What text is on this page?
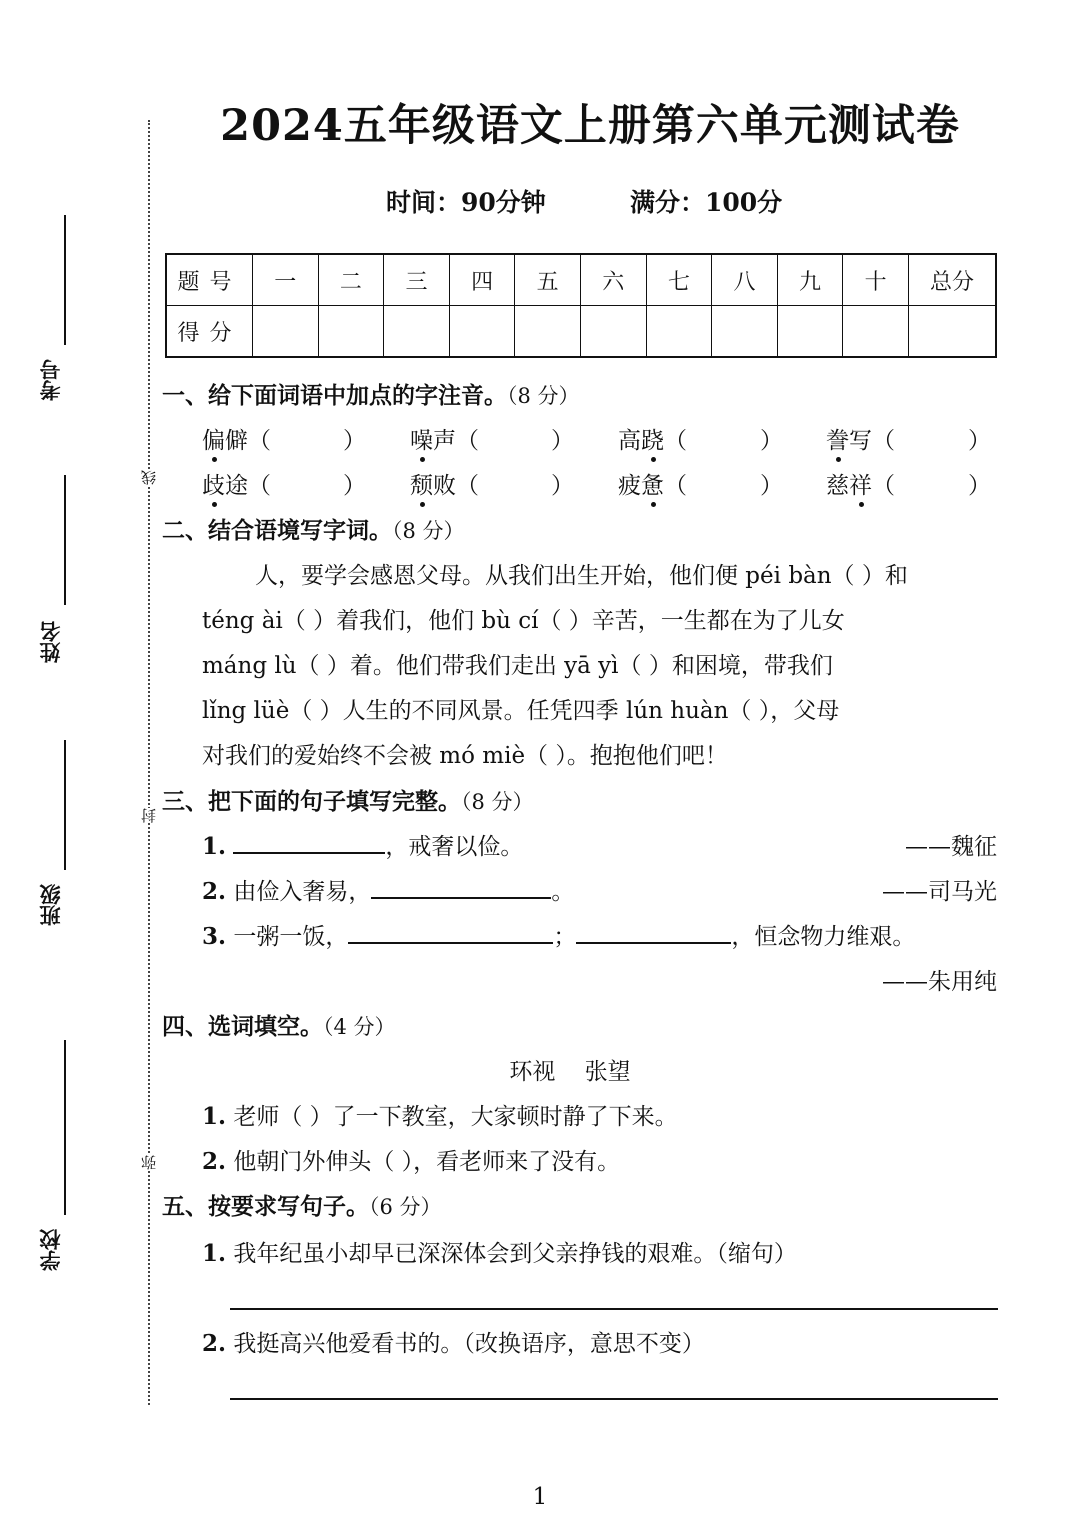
考号
姓名
班级
学校
线
封
弥
2024五年级语文上册第六单元测试卷
时间：90分钟	满分：100分
题号	一	二	三	四	五	六	七	八	九	十	总分
得分											
一、给下面词语中加点的字注音。（8 分）
偏僻（	） 噪声（	） 高跷（	） 誊写（	）
歧途（	） 颓败（	） 疲惫（	） 慈祥（	）
二、结合语境写字词。（8 分）
人，要学会感恩父母。从我们出生开始，他们便 péi bàn（ ）和
téng ài（ ）着我们，他们 bù cí（ ）辛苦，一生都在为了儿女
máng lù（ ）着。他们带我们走出 yā yì（ ）和困境，带我们
lǐng lüè（ ）人生的不同风景。任凭四季 lún huàn（ ），父母
对我们的爱始终不会被 mó miè（ ）。抱抱他们吧！
三、把下面的句子填写完整。（8 分）
1.	，戒奢以俭。	——魏征
2. 由俭入奢易，	。	——司马光
3. 一粥一饭，	；	，恒念物力维艰。
——朱用纯
四、选词填空。（4 分）
环视    张望
1. 老师（ ）了一下教室，大家顿时静了下来。
2. 他朝门外伸头（ ），看老师来了没有。
五、按要求写句子。（6 分）
1. 我年纪虽小却早已深深体会到父亲挣钱的艰难。（缩句）
2. 我挺高兴他爱看书的。（改换语序，意思不变）
1
